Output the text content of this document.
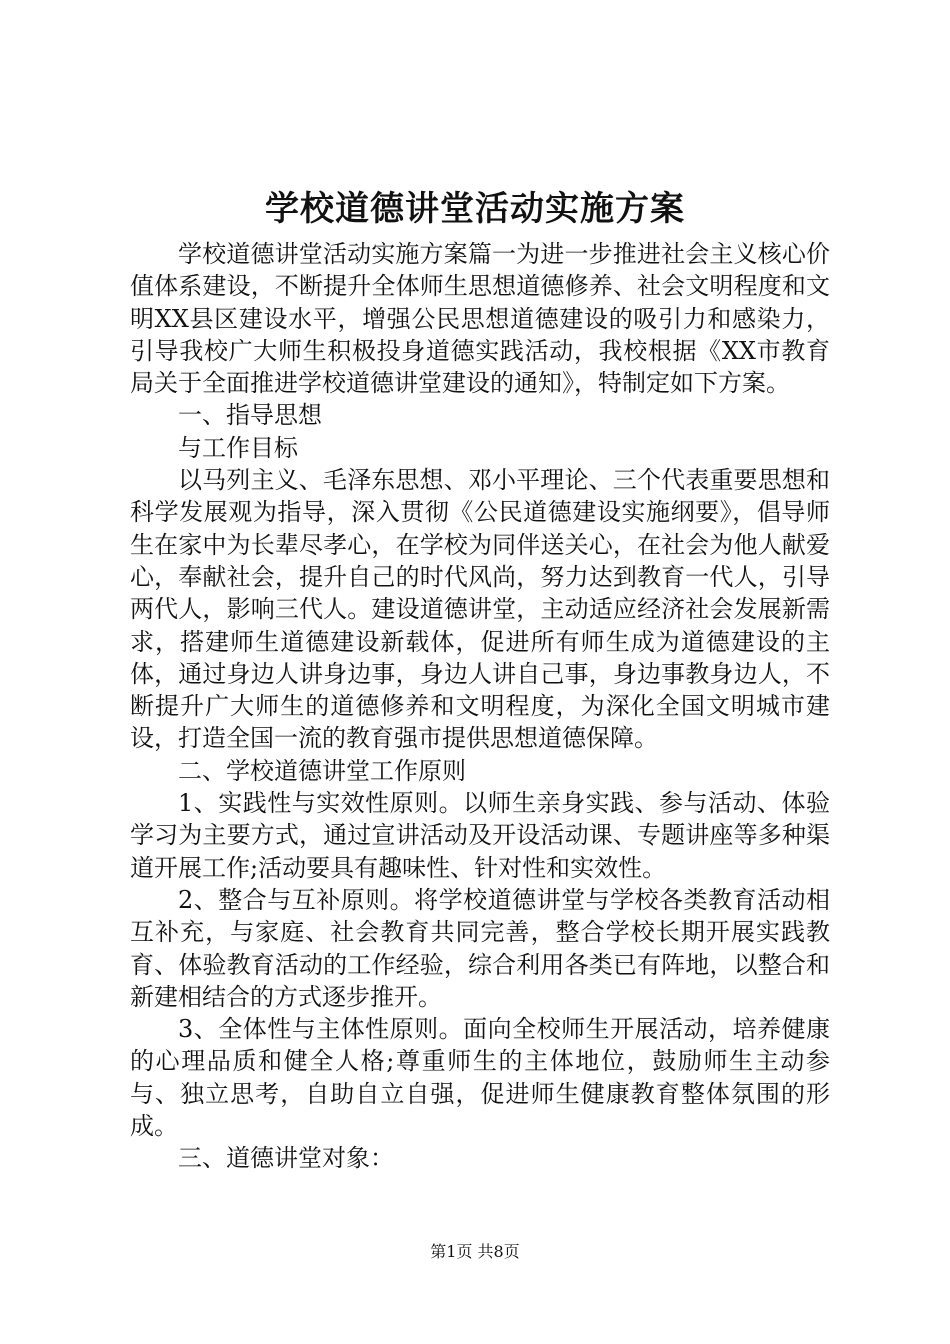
学校道德讲堂活动实施方案

学校道德讲堂活动实施方案篇一为进一步推进社会主义核心价值体系建设，不断提升全体师生思想道德修养、社会文明程度和文明XX县区建设水平，增强公民思想道德建设的吸引力和感染力，引导我校广大师生积极投身道德实践活动，我校根据《XX市教育局关于全面推进学校道德讲堂建设的通知》，特制定如下方案。

一、指导思想

与工作目标

以马列主义、毛泽东思想、邓小平理论、三个代表重要思想和科学发展观为指导，深入贯彻《公民道德建设实施纲要》，倡导师生在家中为长辈尽孝心，在学校为同伴送关心，在社会为他人献爱心，奉献社会，提升自己的时代风尚，努力达到教育一代人，引导两代人，影响三代人。建设道德讲堂，主动适应经济社会发展新需求，搭建师生道德建设新载体，促进所有师生成为道德建设的主体，通过身边人讲身边事，身边人讲自己事，身边事教身边人，不断提升广大师生的道德修养和文明程度，为深化全国文明城市建设，打造全国一流的教育强市提供思想道德保障。

二、学校道德讲堂工作原则

1、实践性与实效性原则。以师生亲身实践、参与活动、体验学习为主要方式，通过宣讲活动及开设活动课、专题讲座等多种渠道开展工作;活动要具有趣味性、针对性和实效性。

2、整合与互补原则。将学校道德讲堂与学校各类教育活动相互补充，与家庭、社会教育共同完善，整合学校长期开展实践教育、体验教育活动的工作经验，综合利用各类已有阵地，以整合和新建相结合的方式逐步推开。

3、全体性与主体性原则。面向全校师生开展活动，培养健康的心理品质和健全人格;尊重师生的主体地位，鼓励师生主动参与、独立思考，自助自立自强，促进师生健康教育整体氛围的形成。

三、道德讲堂对象：

第1页 共8页
